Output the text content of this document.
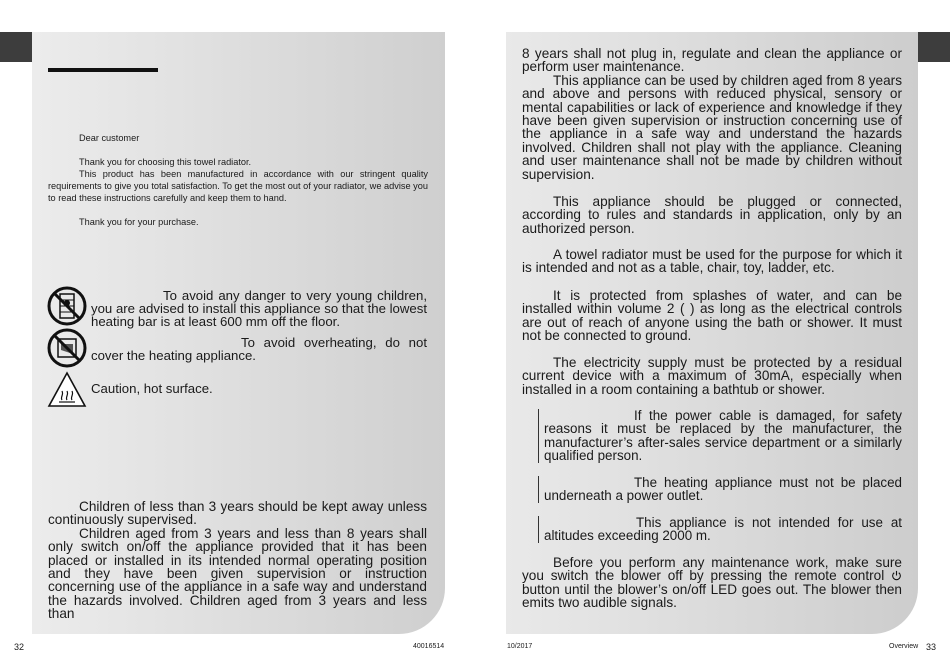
Dear customer

Thank you for choosing this towel radiator.

This product has been manufactured in accordance with our stringent quality requirements to give you total satisfaction. To get the most out of your radiator, we advise you to read these instructions carefully and keep them to hand.

Thank you for your purchase.

To avoid any danger to very young children, you are advised to install this appliance so that the lowest heating bar is at least 600 mm off the floor.
To avoid overheating, do not cover the heating appliance.
Caution, hot surface.

Children of less than 3 years should be kept away unless continuously supervised.

Children aged from 3 years and less than 8 years shall only switch on/off the appliance provided that it has been placed or installed in its intended normal operating position and they have been given supervision or instruction concerning use of the appliance in a safe way and understand the hazards involved. Children aged from 3 years and less than

8 years shall not plug in, regulate and clean the appliance or perform user maintenance.

This appliance can be used by children aged from 8 years and above and persons with reduced physical, sensory or mental capabilities or lack of experience and knowledge if they have been given supervision or instruction concerning use of the appliance in a safe way and understand the hazards involved. Children shall not play with the appliance. Cleaning and user maintenance shall not be made by children without supervision.

This appliance should be plugged or connected, according to rules and standards in application, only by an authorized person.

A towel radiator must be used for the purpose for which it is intended and not as a table, chair, toy, ladder, etc.

It is protected from splashes of water, and can be installed within volume 2 ( ) as long as the electrical controls are out of reach of anyone using the bath or shower. It must not be connected to ground.

The electricity supply must be protected by a residual current device with a maximum of 30mA, especially when installed in a room containing a bathtub or shower.

If the power cable is damaged, for safety reasons it must be replaced by the manufacturer, the manufacturer’s after-sales service department or a similarly qualified person.
The heating appliance must not be placed underneath a power outlet.
This appliance is not intended for use at altitudes exceeding 2000 m.

Before you perform any maintenance work, make sure you switch the blower off by pressing the remote control  button until the blower’s on/off LED goes out. The blower then emits two audible signals.

32	40016514	10/2017	Overview 33
